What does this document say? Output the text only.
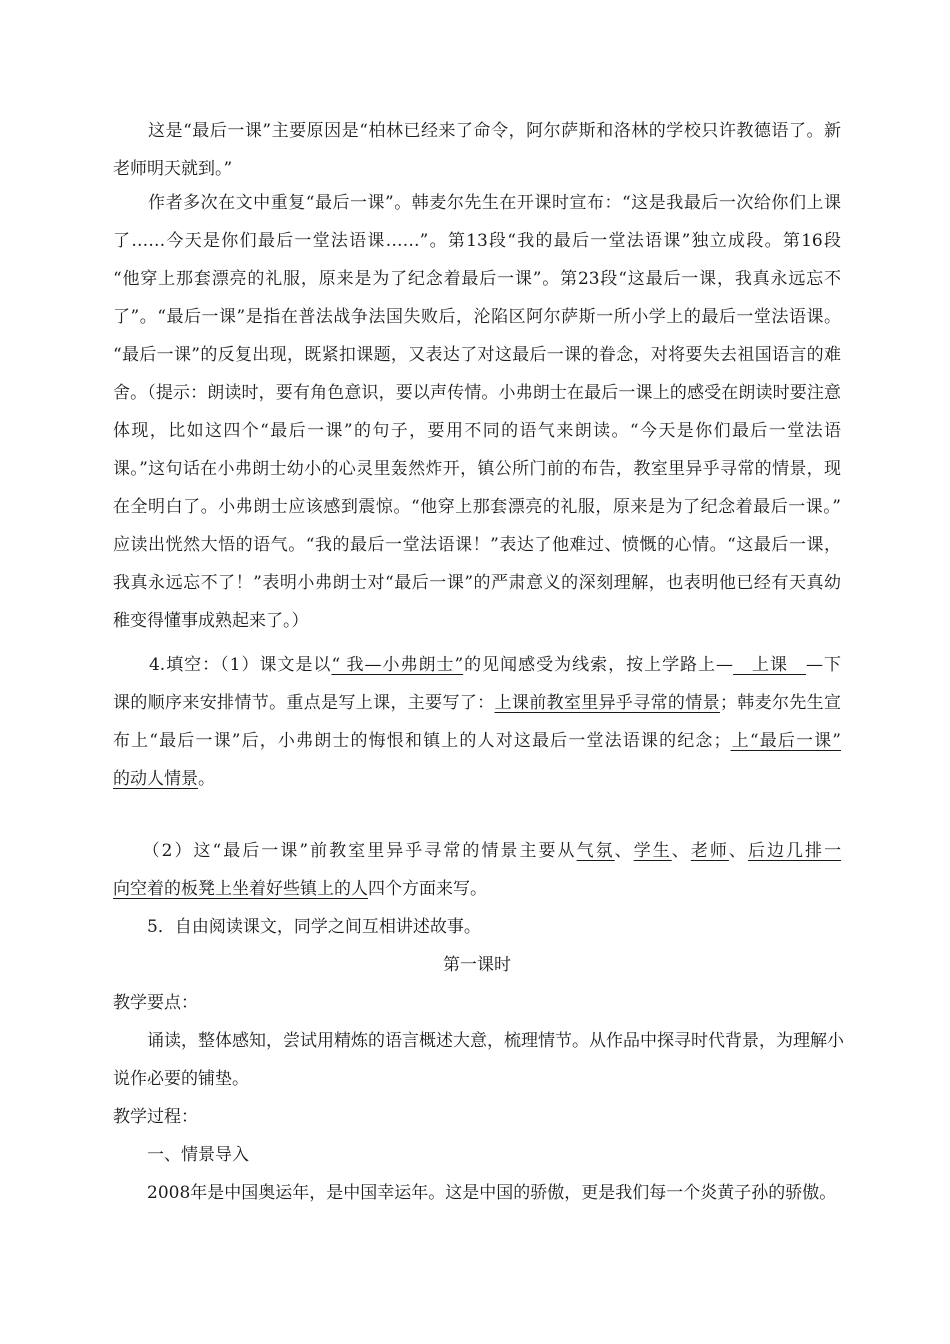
　　这是“最后一课”主要原因是“柏林已经来了命令，阿尔萨斯和洛林的学校只许教德语了。新
老师明天就到。”
　　作者多次在文中重复“最后一课”。韩麦尔先生在开课时宣布：“这是我最后一次给你们上课
了……今天是你们最后一堂法语课……”。第13段“我的最后一堂法语课”独立成段。第16段
“他穿上那套漂亮的礼服，原来是为了纪念着最后一课”。第23段“这最后一课，我真永远忘不
了”。“最后一课”是指在普法战争法国失败后，沦陷区阿尔萨斯一所小学上的最后一堂法语课。
“最后一课”的反复出现，既紧扣课题，又表达了对这最后一课的眷念，对将要失去祖国语言的难
舍。（提示：朗读时，要有角色意识，要以声传情。小弗朗士在最后一课上的感受在朗读时要注意
体现，比如这四个“最后一课”的句子，要用不同的语气来朗读。“今天是你们最后一堂法语
课。”这句话在小弗朗士幼小的心灵里轰然炸开，镇公所门前的布告，教室里异乎寻常的情景，现
在全明白了。小弗朗士应该感到震惊。“他穿上那套漂亮的礼服，原来是为了纪念着最后一课。”
应读出恍然大悟的语气。“我的最后一堂法语课！”表达了他难过、愤慨的心情。“这最后一课，
我真永远忘不了！”表明小弗朗士对“最后一课”的严肃意义的深刻理解，也表明他已经有天真幼
稚变得懂事成熟起来了。）
　　4.填空：（1）课文是以“ 我—小弗朗士”的见闻感受为线索，按上学路上—　上课　—下
课的顺序来安排情节。重点是写上课，主要写了：上课前教室里异乎寻常的情景；韩麦尔先生宣
布上“最后一课”后，小弗朗士的悔恨和镇上的人对这最后一堂法语课的纪念；上“最后一课”
的动人情景。
　　（2）这“最后一课”前教室里异乎寻常的情景主要从气氛、学生、老师、后边几排一
向空着的板凳上坐着好些镇上的人四个方面来写。
　　5．自由阅读课文，同学之间互相讲述故事。
第一课时
教学要点：
　　诵读，整体感知，尝试用精炼的语言概述大意，梳理情节。从作品中探寻时代背景，为理解小
说作必要的铺垫。
教学过程：
　　一、情景导入
　　2008年是中国奥运年，是中国幸运年。这是中国的骄傲，更是我们每一个炎黄子孙的骄傲。
